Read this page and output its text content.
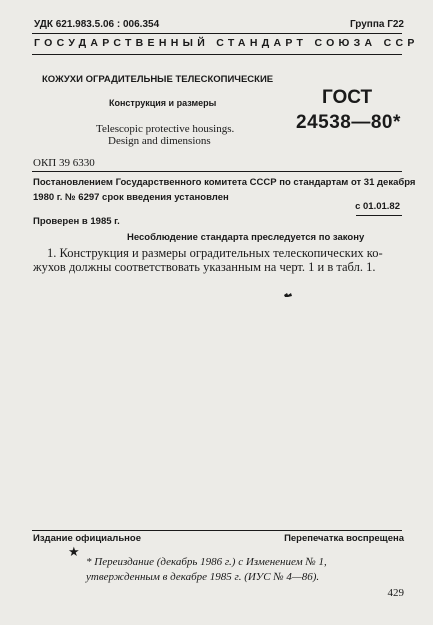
УДК 621.983.5.06 : 006.354	Группа Г22
ГОСУДАРСТВЕННЫЙ СТАНДАРТ СОЮЗА ССР
КОЖУХИ ОГРАДИТЕЛЬНЫЕ ТЕЛЕСКОПИЧЕСКИЕ
Конструкция и размеры
Telescopic protective housings.
Design and dimensions
ГОСТ
24538—80*
ОКП 39 6330
Постановлением Государственного комитета СССР по стандартам от 31 декабря
1980 г. № 6297 срок введения установлен
с 01.01.82
Проверен в 1985 г.
Несоблюдение стандарта преследуется по закону
1. Конструкция и размеры оградительных телескопических ко-
жухов должны соответствовать указанным на черт. 1 и в табл. 1.
Издание официальное	Перепечатка воспрещена
★
* Переиздание (декабрь 1986 г.) с Изменением № 1,
утвержденным в декабре 1985 г. (ИУС № 4—86).
429
